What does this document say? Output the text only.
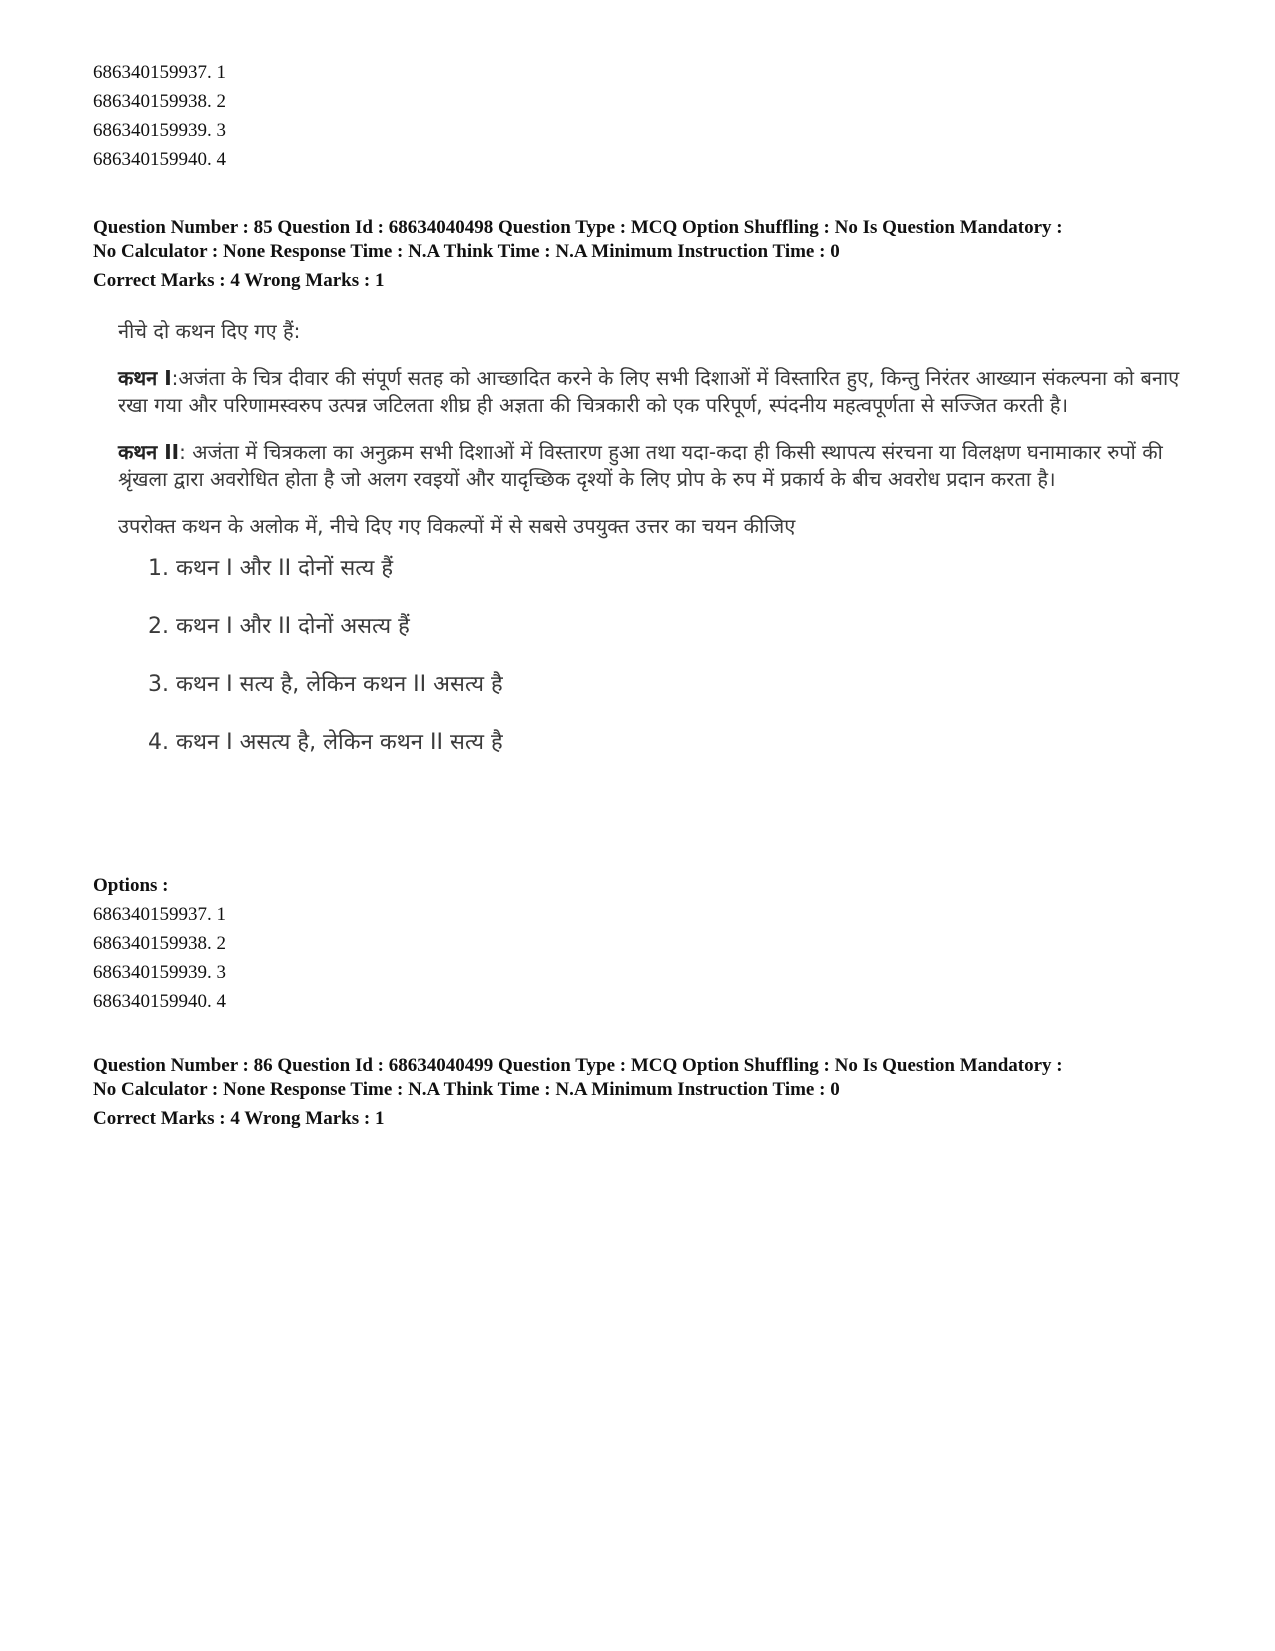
686340159937. 1
686340159938. 2
686340159939. 3
686340159940. 4
Question Number : 85 Question Id : 68634040498 Question Type : MCQ Option Shuffling : No Is Question Mandatory :
No Calculator : None Response Time : N.A Think Time : N.A Minimum Instruction Time : 0
Correct Marks : 4 Wrong Marks : 1

नीचे दो कथन दिए गए हैं:

कथन I:अजंता के चित्र दीवार की संपूर्ण सतह को आच्छादित करने के लिए सभी दिशाओं में विस्तारित हुए, किन्तु निरंतर आख्यान संकल्पना को बनाए रखा गया और परिणामस्वरुप उत्पन्न जटिलता शीघ्र ही अज्ञता की चित्रकारी को एक परिपूर्ण, स्पंदनीय महत्वपूर्णता से सज्जित करती है।

कथन II: अजंता में चित्रकला का अनुक्रम सभी दिशाओं में विस्तारण हुआ तथा यदा-कदा ही किसी स्थापत्य संरचना या विलक्षण घनामाकार रुपों की श्रृंखला द्वारा अवरोधित होता है जो अलग रवइयों और यादृच्छिक दृश्यों के लिए प्रोप के रुप में प्रकार्य के बीच अवरोध प्रदान करता है।

उपरोक्त कथन के अलोक में, नीचे दिए गए विकल्पों में से सबसे उपयुक्त उत्तर का चयन कीजिए

1. कथन I और II दोनों सत्य हैं

2. कथन I और II दोनों असत्य हैं

3. कथन I सत्य है, लेकिन कथन II असत्य है

4. कथन I असत्य है, लेकिन कथन II सत्य है

Options :
686340159937. 1
686340159938. 2
686340159939. 3
686340159940. 4
Question Number : 86 Question Id : 68634040499 Question Type : MCQ Option Shuffling : No Is Question Mandatory :
No Calculator : None Response Time : N.A Think Time : N.A Minimum Instruction Time : 0
Correct Marks : 4 Wrong Marks : 1
